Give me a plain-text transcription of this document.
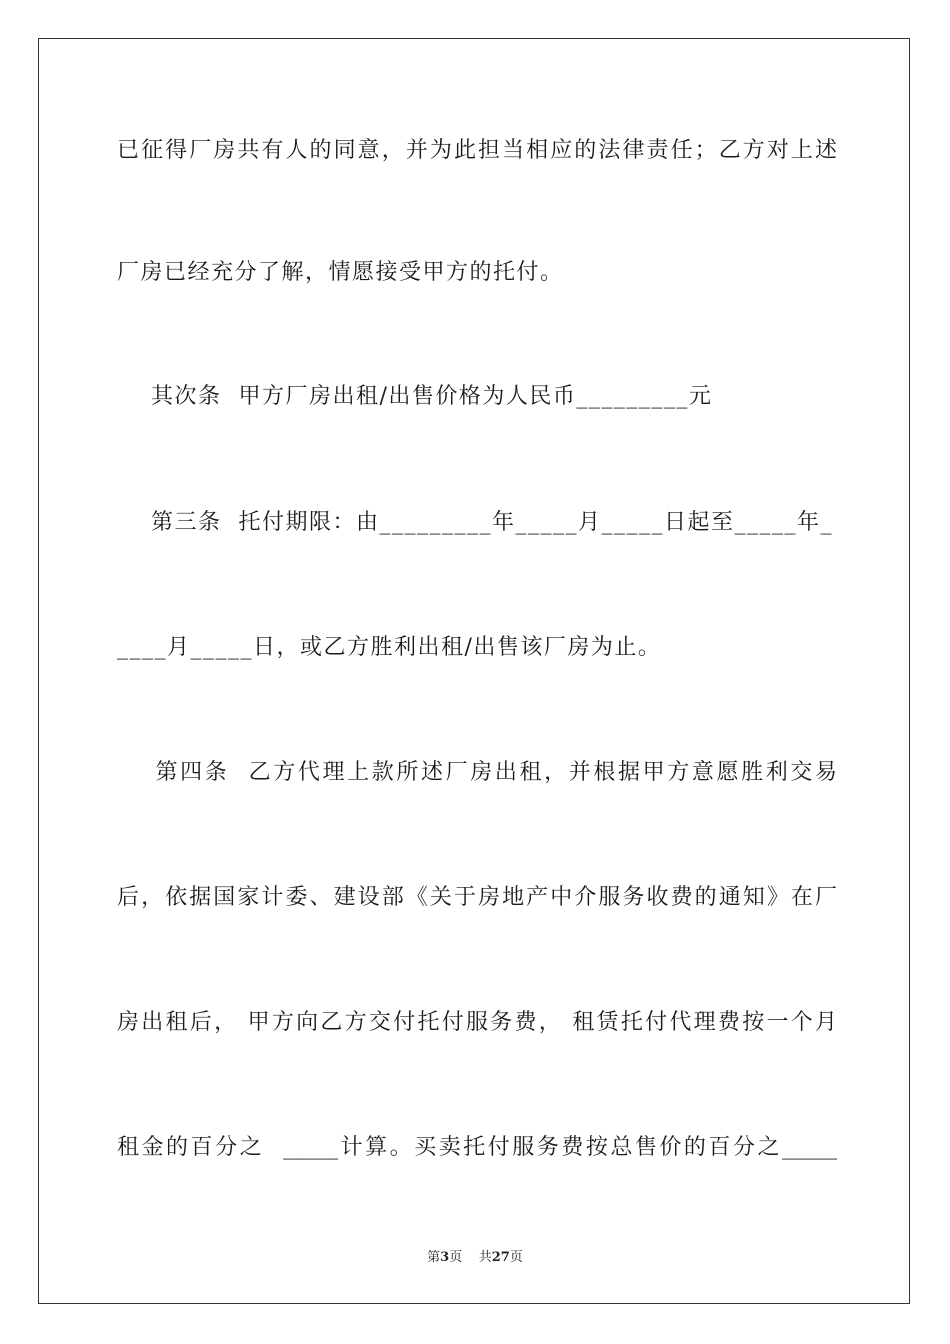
已征得厂房共有人的同意，并为此担当相应的法律责任；乙方对上述
厂房已经充分了解，情愿接受甲方的托付。
其次条  甲方厂房出租/出售价格为人民币_________元
第三条  托付期限：由_________年_____月_____日起至_____年_
____月_____日，或乙方胜利出租/出售该厂房为止。
第四条  乙方代理上款所述厂房出租，并根据甲方意愿胜利交易
后，依据国家计委、建设部《关于房地产中介服务收费的通知》在厂
房出租后， 甲方向乙方交付托付服务费， 租赁托付代理费按一个月
租金的百分之  _____计算。买卖托付服务费按总售价的百分之_____
第3页 共27页
